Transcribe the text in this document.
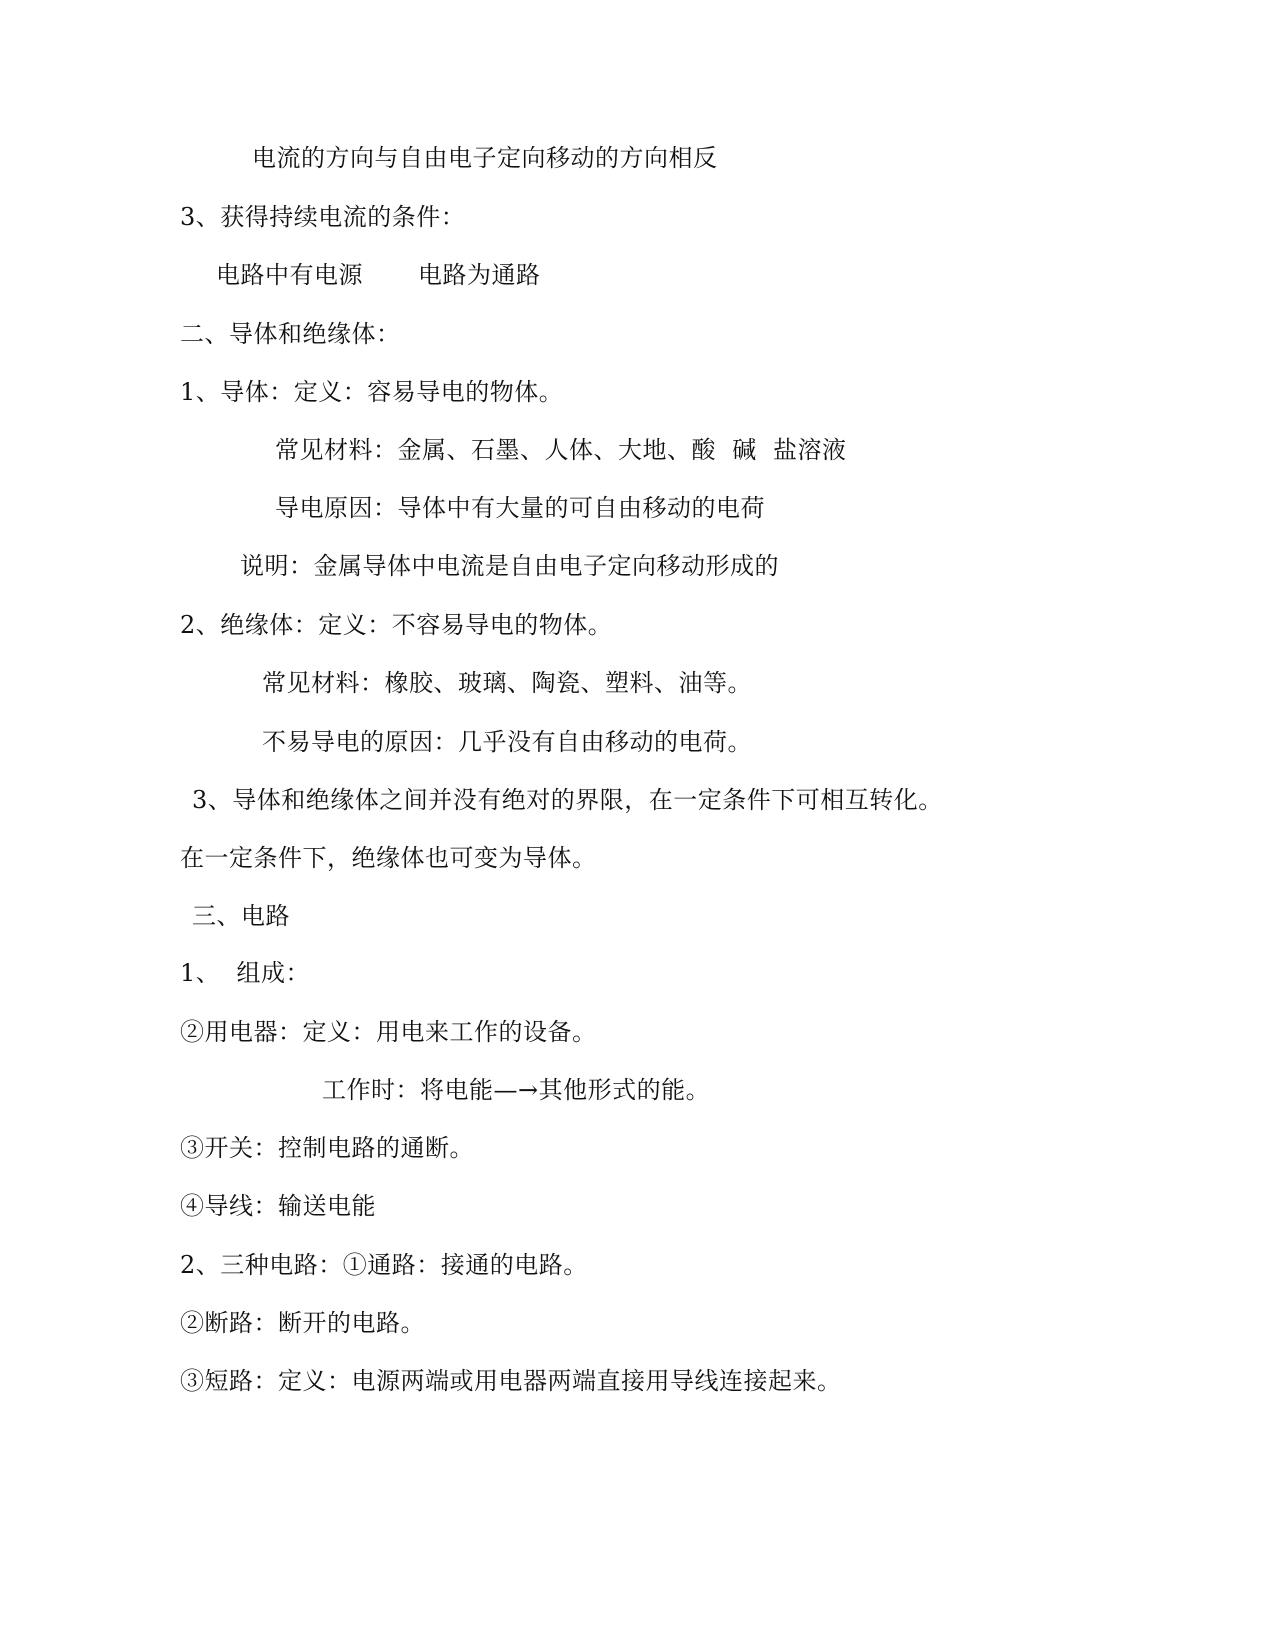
电流的方向与自由电子定向移动的方向相反
3、获得持续电流的条件：
电路中有电源 电路为通路
二、导体和绝缘体：
1、导体：定义：容易导电的物体。
常见材料：金属、石墨、人体、大地、酸  碱  盐溶液
导电原因：导体中有大量的可自由移动的电荷
说明：金属导体中电流是自由电子定向移动形成的
2、绝缘体：定义：不容易导电的物体。
常见材料：橡胶、玻璃、陶瓷、塑料、油等。
不易导电的原因：几乎没有自由移动的电荷。
3、导体和绝缘体之间并没有绝对的界限，在一定条件下可相互转化。
在一定条件下，绝缘体也可变为导体。
三、电路
1、  组成：
②用电器：定义：用电来工作的设备。
工作时：将电能—→其他形式的能。
③开关：控制电路的通断。
④导线：输送电能
2、三种电路：①通路：接通的电路。
②断路：断开的电路。
③短路：定义：电源两端或用电器两端直接用导线连接起来。
